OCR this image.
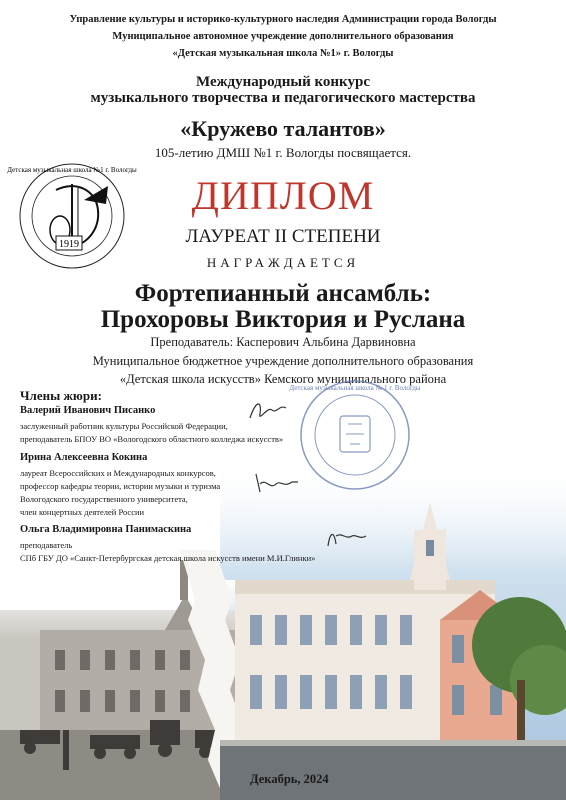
Управление культуры и историко-культурного наследия Администрации города Вологды
Муниципальное автономное учреждение дополнительного образования
«Детская музыкальная школа №1» г. Вологды
Международный конкурс
музыкального творчества и педагогического мастерства
«Кружево талантов»
105-летию ДМШ №1 г. Вологды посвящается.
1919
Детская музыкальная школа №1 г. Вологды
ДИПЛОМ
ЛАУРЕАТ II СТЕПЕНИ
НАГРАЖДАЕТСЯ
Фортепианный ансамбль:
Прохоровы Виктория и Руслана
Преподаватель: Касперович Альбина Дарвиновна
Муниципальное бюджетное учреждение дополнительного образования
«Детская школа искусств» Кемского муниципального района
Члены жюри:
Валерий Иванович Писанко
заслуженный работник культуры Российской Федерации,
преподаватель БПОУ ВО «Вологодского областного колледжа искусств»
Ирина Алексеевна Кокина
лауреат Всероссийских и Международных конкурсов,
профессор кафедры теории, истории музыки и туризма
Вологодского государственного университета,
член концертных деятелей России
Ольга Владимировна Панимаскина
преподаватель
СПб ГБУ ДО «Санкт-Петербургская детская школа искусств имени М.И.Глинки»
Детская музыкальная школа № 1 г. Вологды
Декабрь, 2024
